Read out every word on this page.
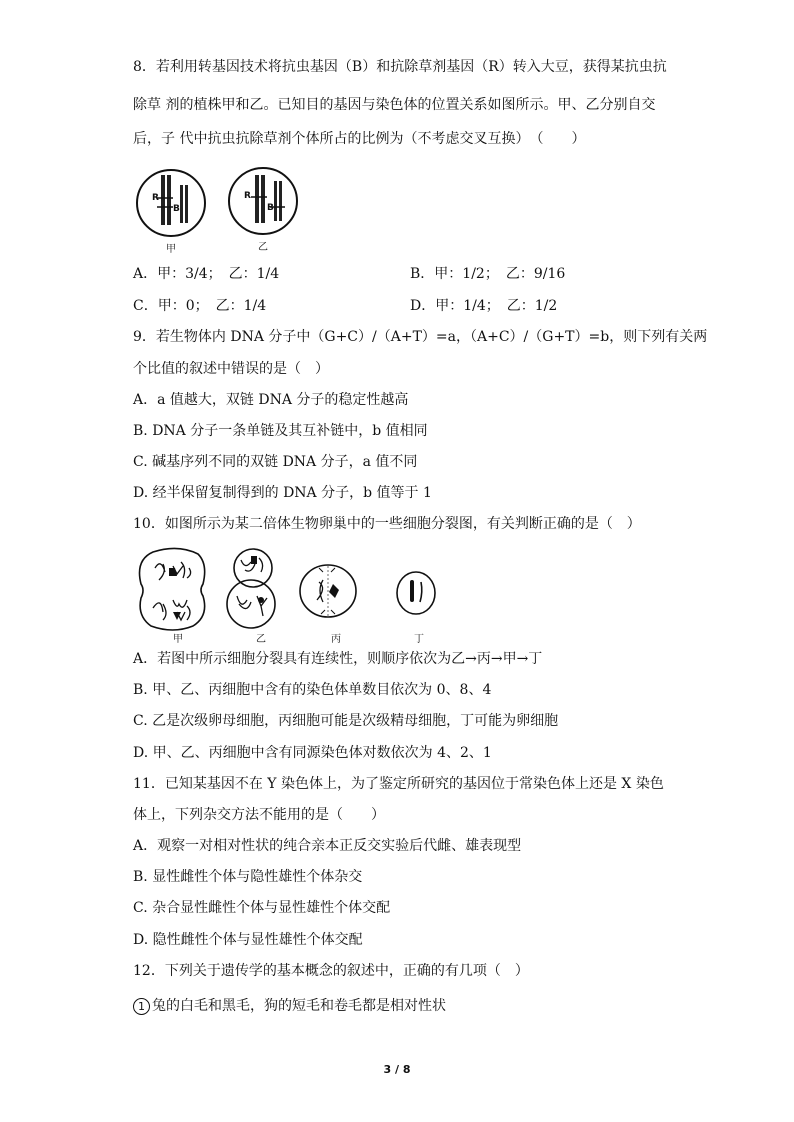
8．若利用转基因技术将抗虫基因（B）和抗除草剂基因（R）转入大豆，获得某抗虫抗
除草 剂的植株甲和乙。已知目的基因与染色体的位置关系如图所示。甲、乙分别自交
后，子 代中抗虫抗除草剂个体所占的比例为（不考虑交叉互换）　（　　）
R
B
R
B
甲	乙
A．甲：3/4；　乙：1/4	B．甲：1/2；　乙：9/16
C．甲：0；　乙：1/4	D．甲：1/4；　乙：1/2
9．若生物体内 DNA 分子中（G+C）/（A+T）=a，（A+C）/（G+T）=b，则下列有关两
个比值的叙述中错误的是（　）
A．a 值越大，双链 DNA 分子的稳定性越高
B. DNA 分子一条单链及其互补链中，b 值相同
C. 碱基序列不同的双链 DNA 分子，a 值不同
D. 经半保留复制得到的 DNA 分子，b 值等于 1
10．如图所示为某二倍体生物卵巢中的一些细胞分裂图，有关判断正确的是（　）
甲	乙	丙	丁
A．若图中所示细胞分裂具有连续性，则顺序依次为乙→丙→甲→丁
B. 甲、乙、丙细胞中含有的染色体单数目依次为 0、8、4
C. 乙是次级卵母细胞，丙细胞可能是次级精母细胞，丁可能为卵细胞
D. 甲、乙、丙细胞中含有同源染色体对数依次为 4、2、1
11．已知某基因不在 Y 染色体上，为了鉴定所研究的基因位于常染色体上还是 X 染色
体上，下列杂交方法不能用的是（　　）
A．观察一对相对性状的纯合亲本正反交实验后代雌、雄表现型
B. 显性雌性个体与隐性雄性个体杂交
C. 杂合显性雌性个体与显性雄性个体交配
D. 隐性雌性个体与显性雄性个体交配
12．下列关于遗传学的基本概念的叙述中，正确的有几项（　）
1 兔的白毛和黑毛，狗的短毛和卷毛都是相对性状
3 / 8
